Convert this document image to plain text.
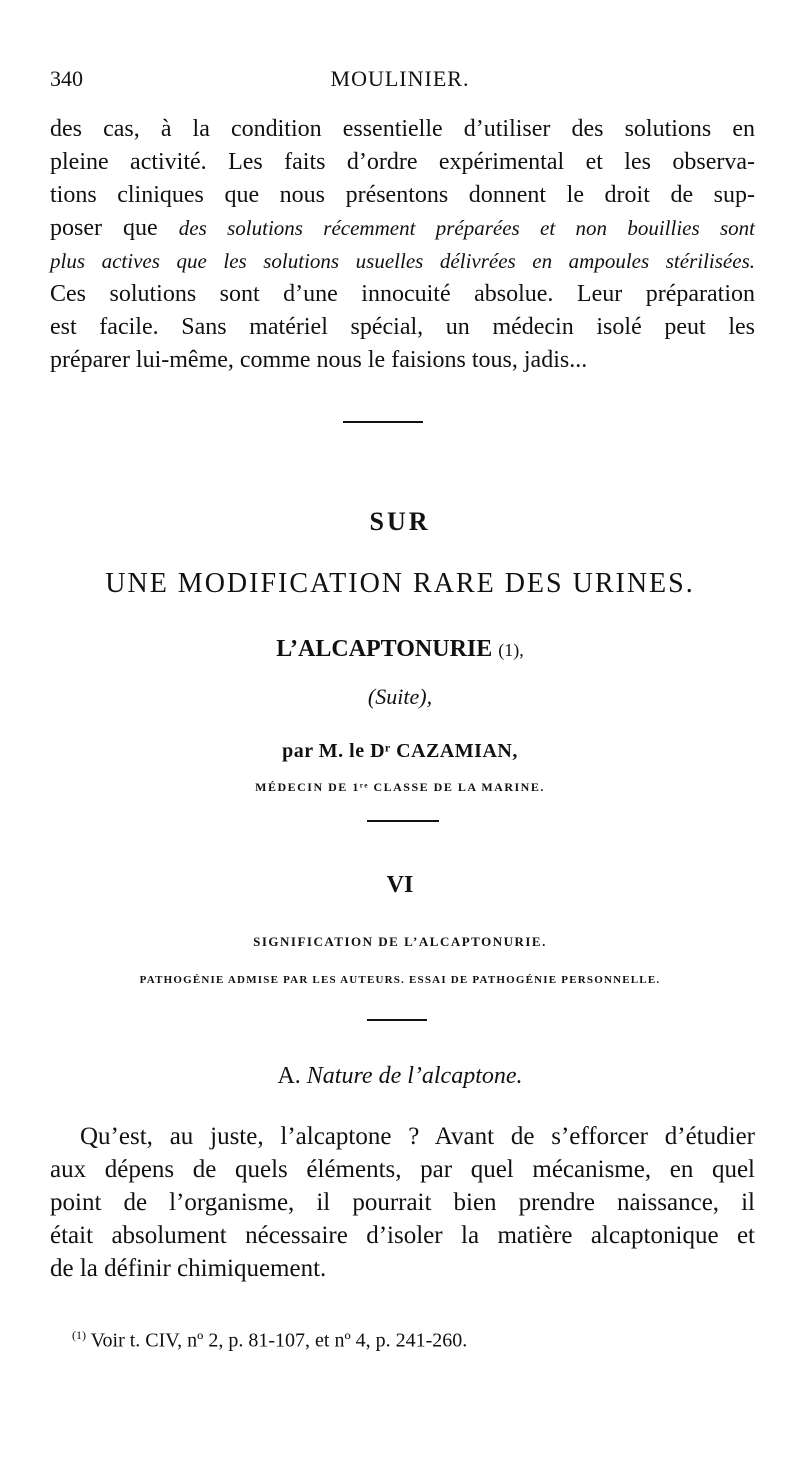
340	MOULINIER.
des cas, à la condition essentielle d’utiliser des solutions en
pleine activité. Les faits d’ordre expérimental et les observa-
tions cliniques que nous présentons donnent le droit de sup-
poser que des solutions récemment préparées et non bouillies sont
plus actives que les solutions usuelles délivrées en ampoules stérilisées.
Ces solutions sont d’une innocuité absolue. Leur préparation
est facile. Sans matériel spécial, un médecin isolé peut les
préparer lui-même, comme nous le faisions tous, jadis...
SUR
UNE MODIFICATION RARE DES URINES.
L’ALCAPTONURIE (1),
(Suite),
par M. le Dʳ CAZAMIAN,
MÉDECIN DE 1ʳᵉ CLASSE DE LA MARINE.
VI
SIGNIFICATION DE L’ALCAPTONURIE.
PATHOGÉNIE ADMISE PAR LES AUTEURS. ESSAI DE PATHOGÉNIE PERSONNELLE.
A. Nature de l’alcaptone.
Qu’est, au juste, l’alcaptone ? Avant de s’efforcer d’étudier
aux dépens de quels éléments, par quel mécanisme, en quel
point de l’organisme, il pourrait bien prendre naissance, il
était absolument nécessaire d’isoler la matière alcaptonique et
de la définir chimiquement.
$^{(1)}$ Voir t. CIV, nº 2, p. 81-107, et nº 4, p. 241-260.
